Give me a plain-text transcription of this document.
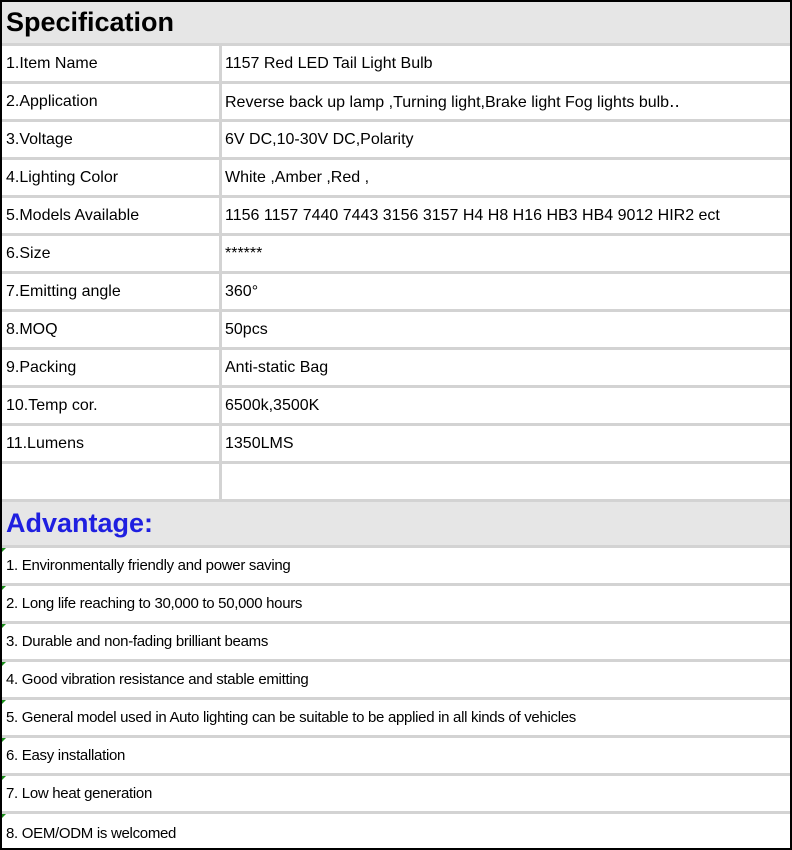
Specification
1.Item Name	1157 Red LED Tail Light Bulb
2.Application	Reverse back up lamp ,Turning light,Brake light Fog lights bulb‥
3.Voltage	6V DC,10-30V DC,Polarity
4.Lighting Color	White ,Amber ,Red ,
5.Models Available	1156 1157 7440 7443 3156 3157 H4 H8 H16 HB3 HB4 9012 HIR2 ect
6.Size	******
7.Emitting angle	360°
8.MOQ	50pcs
9.Packing	Anti-static Bag
10.Temp cor.	6500k,3500K
11.Lumens	1350LMS
Advantage:
1. Environmentally friendly and power saving
2. Long life reaching to 30,000 to 50,000 hours
3. Durable and non-fading brilliant beams
4. Good vibration resistance and stable emitting
5. General model used in Auto lighting can be suitable to be applied in all kinds of vehicles
6. Easy installation
7. Low heat generation
8. OEM/ODM is welcomed
